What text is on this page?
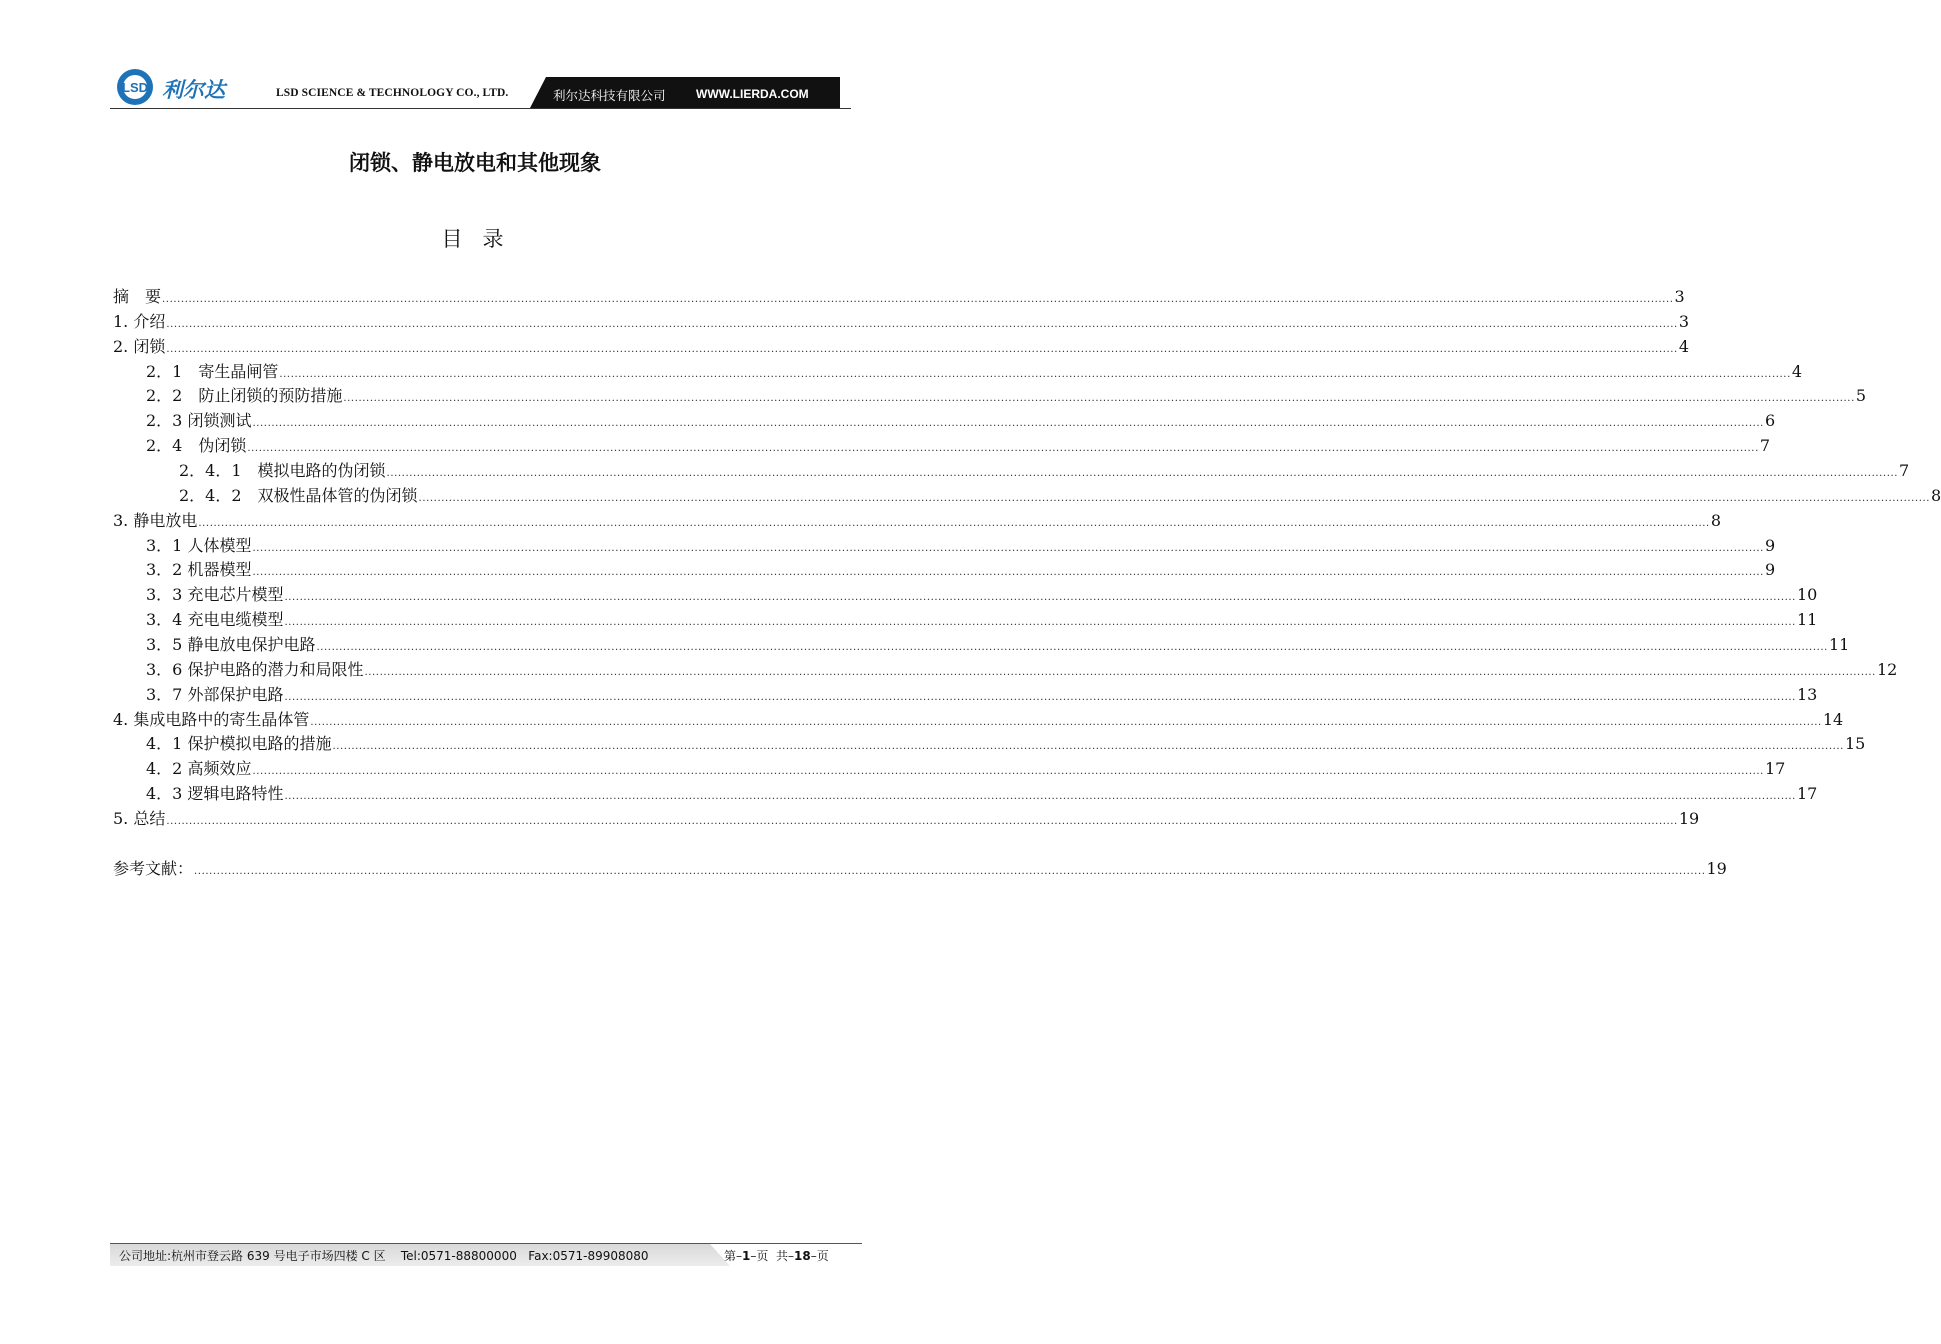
LSD 利尔达	LSD SCIENCE & TECHNOLOGY CO., LTD.	利尔达科技有限公司	WWW.LIERDA.COM
闭锁、静电放电和其他现象
目录
摘　要 ................................................................................................................................................................................................................................................................................................................................................................................................................ 3
1. 介绍 ................................................................................................................................................................................................................................................................................................................................................................................................................ 3
2. 闭锁 ................................................................................................................................................................................................................................................................................................................................................................................................................ 4
2．1　寄生晶闸管 ................................................................................................................................................................................................................................................................................................................................................................................................................ 4
2．2　防止闭锁的预防措施 ................................................................................................................................................................................................................................................................................................................................................................................................................ 5
2．3 闭锁测试 ................................................................................................................................................................................................................................................................................................................................................................................................................ 6
2．4　伪闭锁 ................................................................................................................................................................................................................................................................................................................................................................................................................ 7
2．4．1　模拟电路的伪闭锁 ................................................................................................................................................................................................................................................................................................................................................................................................................ 7
2．4．2　双极性晶体管的伪闭锁 ................................................................................................................................................................................................................................................................................................................................................................................................................ 8
3. 静电放电 ................................................................................................................................................................................................................................................................................................................................................................................................................ 8
3．1 人体模型 ................................................................................................................................................................................................................................................................................................................................................................................................................ 9
3．2 机器模型 ................................................................................................................................................................................................................................................................................................................................................................................................................ 9
3．3 充电芯片模型 ................................................................................................................................................................................................................................................................................................................................................................................................................ 10
3．4 充电电缆模型 ................................................................................................................................................................................................................................................................................................................................................................................................................ 11
3．5 静电放电保护电路 ................................................................................................................................................................................................................................................................................................................................................................................................................ 11
3．6 保护电路的潜力和局限性 ................................................................................................................................................................................................................................................................................................................................................................................................................ 12
3．7 外部保护电路 ................................................................................................................................................................................................................................................................................................................................................................................................................ 13
4. 集成电路中的寄生晶体管 ................................................................................................................................................................................................................................................................................................................................................................................................................ 14
4．1 保护模拟电路的措施 ................................................................................................................................................................................................................................................................................................................................................................................................................ 15
4．2 高频效应 ................................................................................................................................................................................................................................................................................................................................................................................................................ 17
4．3 逻辑电路特性 ................................................................................................................................................................................................................................................................................................................................................................................................................ 17
5. 总结 ................................................................................................................................................................................................................................................................................................................................................................................................................ 19
参考文献： ................................................................................................................................................................................................................................................................................................................................................................................................................ 19
公司地址:杭州市登云路 639 号电子市场四楼 C 区    Tel:0571-88800000   Fax:0571-89908080	第–1–页  共–18–页
